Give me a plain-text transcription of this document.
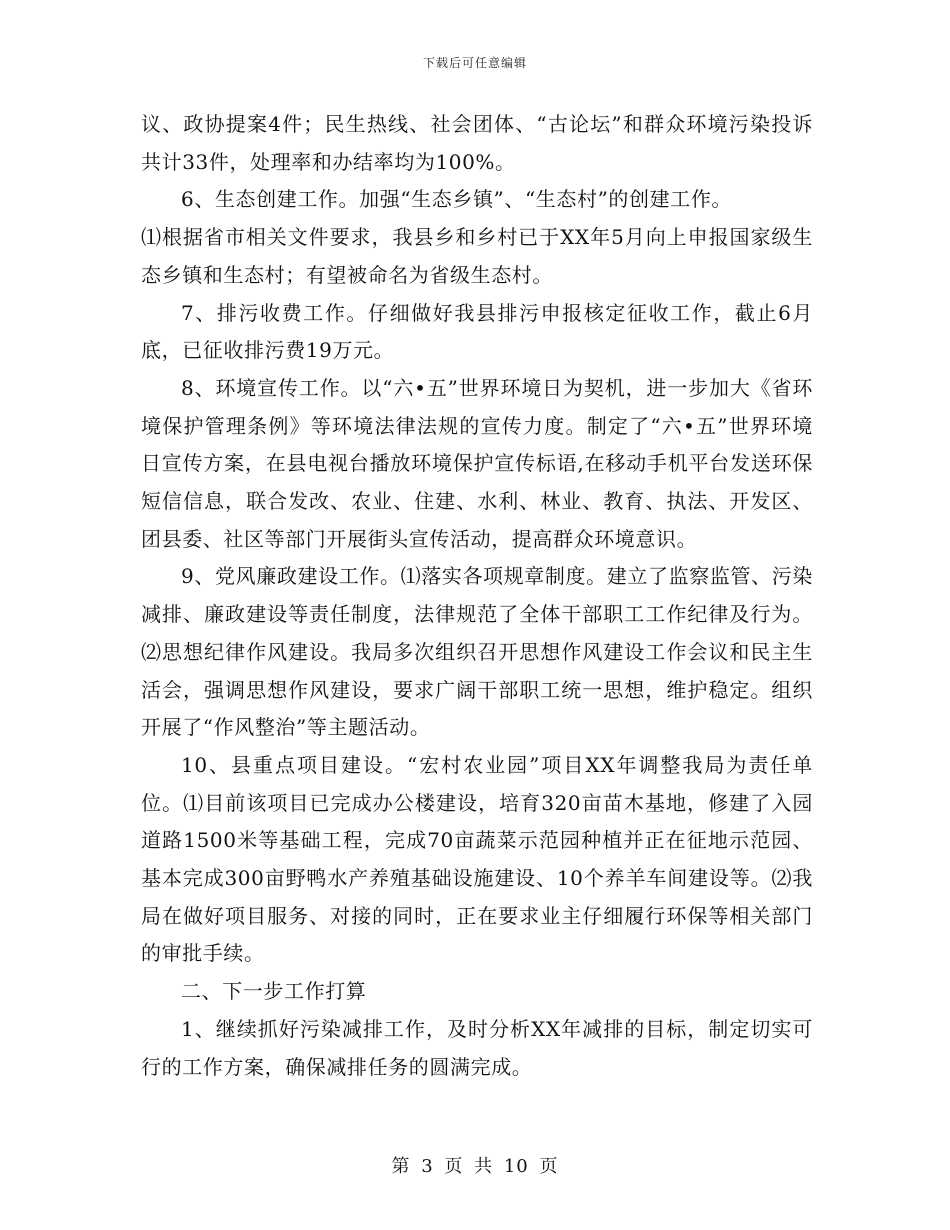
下载后可任意编辑

议、政协提案4件；民生热线、社会团体、“古论坛”和群众环境污染投诉共计33件，处理率和办结率均为100%。

6、生态创建工作。加强“生态乡镇”、“生态村”的创建工作。

⑴根据省市相关文件要求，我县乡和乡村已于XX年5月向上申报国家级生态乡镇和生态村；有望被命名为省级生态村。

7、排污收费工作。仔细做好我县排污申报核定征收工作，截止6月底，已征收排污费19万元。

8、环境宣传工作。以“六•五”世界环境日为契机，进一步加大《省环境保护管理条例》等环境法律法规的宣传力度。制定了“六•五”世界环境日宣传方案，在县电视台播放环境保护宣传标语,在移动手机平台发送环保短信信息，联合发改、农业、住建、水利、林业、教育、执法、开发区、团县委、社区等部门开展街头宣传活动，提高群众环境意识。

9、党风廉政建设工作。⑴落实各项规章制度。建立了监察监管、污染减排、廉政建设等责任制度，法律规范了全体干部职工工作纪律及行为。⑵思想纪律作风建设。我局多次组织召开思想作风建设工作会议和民主生活会，强调思想作风建设，要求广阔干部职工统一思想，维护稳定。组织开展了“作风整治”等主题活动。

10、县重点项目建设。“宏村农业园”项目XX年调整我局为责任单位。⑴目前该项目已完成办公楼建设，培育320亩苗木基地，修建了入园道路1500米等基础工程，完成70亩蔬菜示范园种植并正在征地示范园、基本完成300亩野鸭水产养殖基础设施建设、10个养羊车间建设等。⑵我局在做好项目服务、对接的同时，正在要求业主仔细履行环保等相关部门的审批手续。

二、下一步工作打算

1、继续抓好污染减排工作，及时分析XX年减排的目标，制定切实可行的工作方案，确保减排任务的圆满完成。

第 3 页 共 10 页
